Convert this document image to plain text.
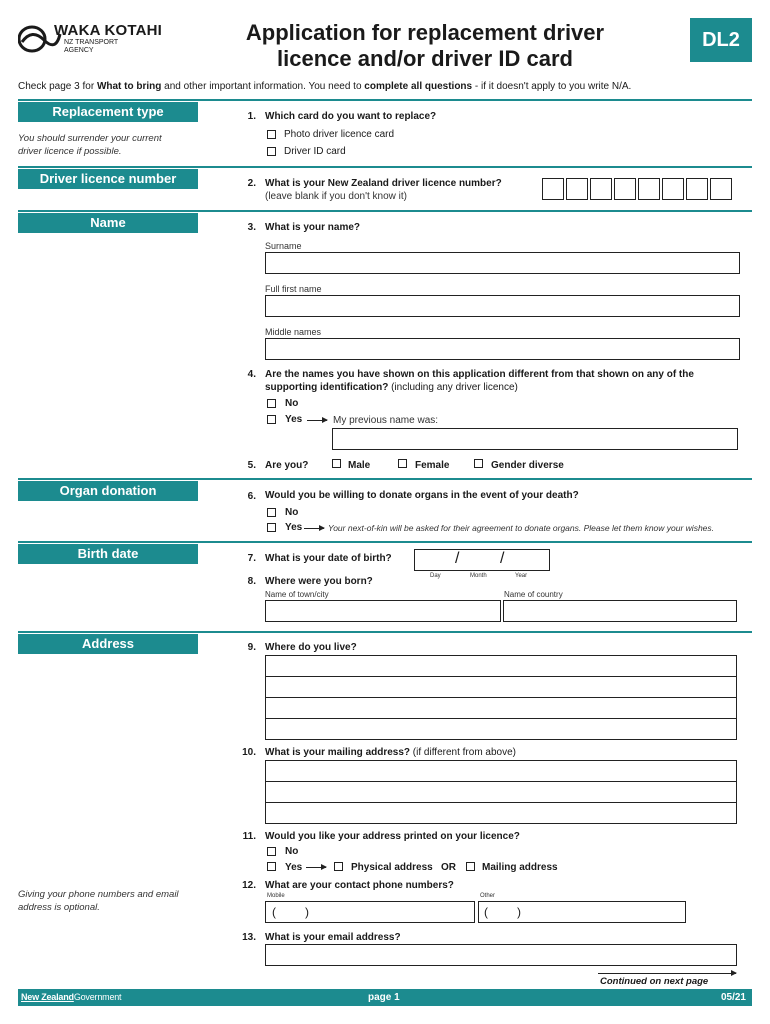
WAKA KOTAHI
NZ TRANSPORT
AGENCY
Application for replacement driver
licence and/or driver ID card
DL2
Check page 3 for What to bring and other important information. You need to complete all questions - if it doesn't apply to you write N/A.
Replacement type
You should surrender your current driver licence if possible.
1. Which card do you want to replace?
Photo driver licence card
Driver ID card
Driver licence number	2. What is your New Zealand driver licence number?
(leave blank if you don't know it)
Name	3. What is your name?
Surname
Full first name
Middle names
4. Are the names you have shown on this application different from that shown on any of the
supporting identification? (including any driver licence)
No
Yes	My previous name was:
5. Are you?	Male	Female	Gender diverse
Organ donation	6. Would you be willing to donate organs in the event of your death?
No
Yes	Your next-of-kin will be asked for their agreement to donate organs. Please let them know your wishes.
Birth date	7. What is your date of birth?	/	/
Day	Month	Year
8. Where were you born?
Name of town/city	Name of country
Address	9. Where do you live?
10. What is your mailing address? (if different from above)
11. Would you like your address printed on your licence?
No
Yes	Physical address OR	Mailing address
Giving your phone numbers and email address is optional.
12. What are your contact phone numbers?
Mobile	Other
( )	( )
13. What is your email address?
Continued on next page
New ZealandGovernment	page 1	05/21
